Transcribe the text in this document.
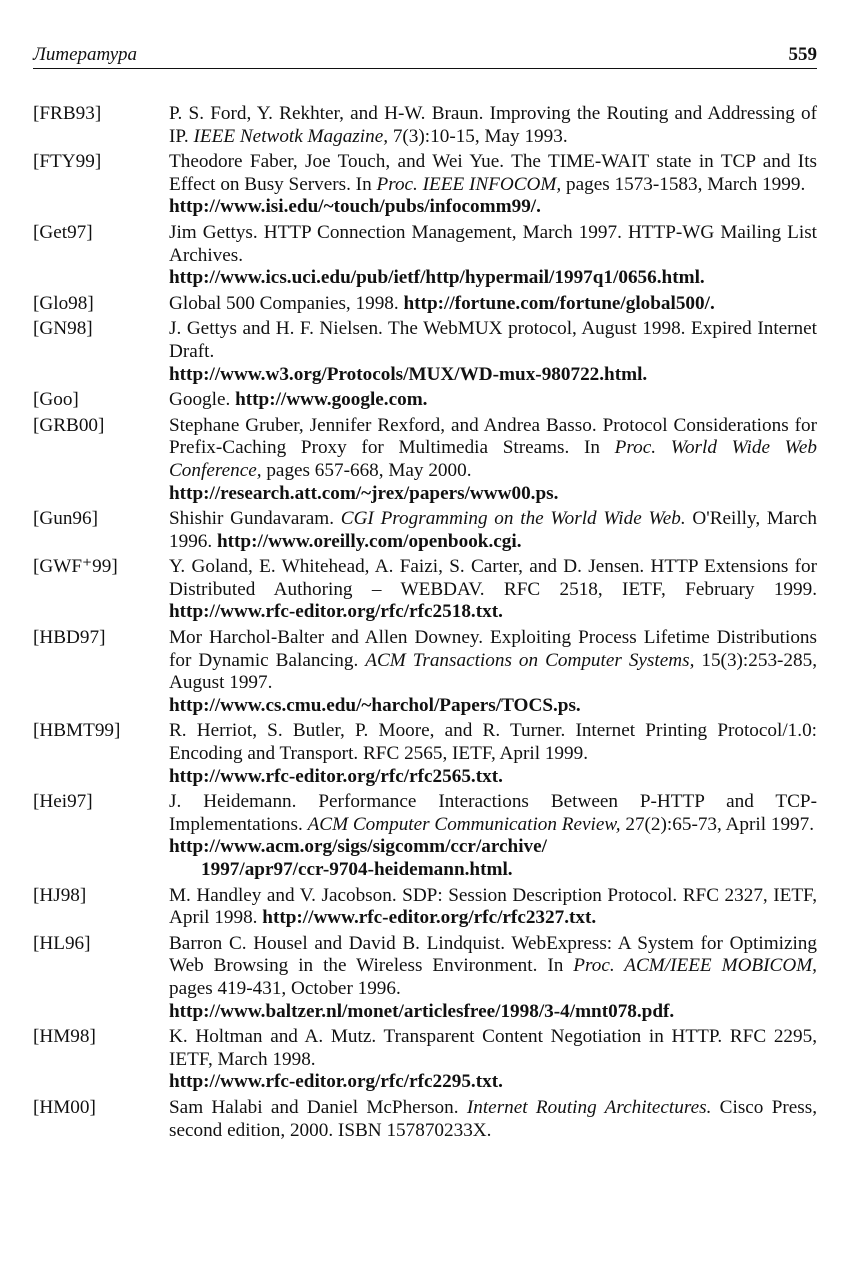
Литература	559
[FRB93]	P. S. Ford, Y. Rekhter, and H-W. Braun. Improving the Routing and Addressing of IP. IEEE Netwotk Magazine, 7(3):10-15, May 1993.
[FTY99]	Theodore Faber, Joe Touch, and Wei Yue. The TIME-WAIT state in TCP and Its Effect on Busy Servers. In Proc. IEEE INFOCOM, pages 1573-1583, March 1999.
http://www.isi.edu/~touch/pubs/infocomm99/.
[Get97]	Jim Gettys. HTTP Connection Management, March 1997. HTTP-WG Mailing List Archives.
http://www.ics.uci.edu/pub/ietf/http/hypermail/1997q1/0656.html.
[Glo98]	Global 500 Companies, 1998. http://fortune.com/fortune/global500/.
[GN98]	J. Gettys and H. F. Nielsen. The WebMUX protocol, August 1998. Expired Internet Draft.
http://www.w3.org/Protocols/MUX/WD-mux-980722.html.
[Goo]	Google. http://www.google.com.
[GRB00]	Stephane Gruber, Jennifer Rexford, and Andrea Basso. Protocol Considerations for Prefix-Caching Proxy for Multimedia Streams. In Proc. World Wide Web Conference, pages 657-668, May 2000.
http://research.att.com/~jrex/papers/www00.ps.
[Gun96]	Shishir Gundavaram. CGI Programming on the World Wide Web. O'Reilly, March 1996. http://www.oreilly.com/openbook.cgi.
[GWF⁺99]	Y. Goland, E. Whitehead, A. Faizi, S. Carter, and D. Jensen. HTTP Extensions for Distributed Authoring – WEBDAV. RFC 2518, IETF, February 1999. http://www.rfc-editor.org/rfc/rfc2518.txt.
[HBD97]	Mor Harchol-Balter and Allen Downey. Exploiting Process Lifetime Distributions for Dynamic Balancing. ACM Transactions on Computer Systems, 15(3):253-285, August 1997.
http://www.cs.cmu.edu/~harchol/Papers/TOCS.ps.
[HBMT99]	R. Herriot, S. Butler, P. Moore, and R. Turner. Internet Printing Protocol/1.0: Encoding and Transport. RFC 2565, IETF, April 1999.
http://www.rfc-editor.org/rfc/rfc2565.txt.
[Hei97]	J. Heidemann. Performance Interactions Between P-HTTP and TCP-Implementations. ACM Computer Communication Review, 27(2):65-73, April 1997.
http://www.acm.org/sigs/sigcomm/ccr/archive/
1997/apr97/ccr-9704-heidemann.html.
[HJ98]	M. Handley and V. Jacobson. SDP: Session Description Protocol. RFC 2327, IETF, April 1998. http://www.rfc-editor.org/rfc/rfc2327.txt.
[HL96]	Barron C. Housel and David B. Lindquist. WebExpress: A System for Optimizing Web Browsing in the Wireless Environment. In Proc. ACM/IEEE MOBICOM, pages 419-431, October 1996.
http://www.baltzer.nl/monet/articlesfree/1998/3-4/mnt078.pdf.
[HM98]	K. Holtman and A. Mutz. Transparent Content Negotiation in HTTP. RFC 2295, IETF, March 1998.
http://www.rfc-editor.org/rfc/rfc2295.txt.
[HM00]	Sam Halabi and Daniel McPherson. Internet Routing Architectures. Cisco Press, second edition, 2000. ISBN 157870233X.
